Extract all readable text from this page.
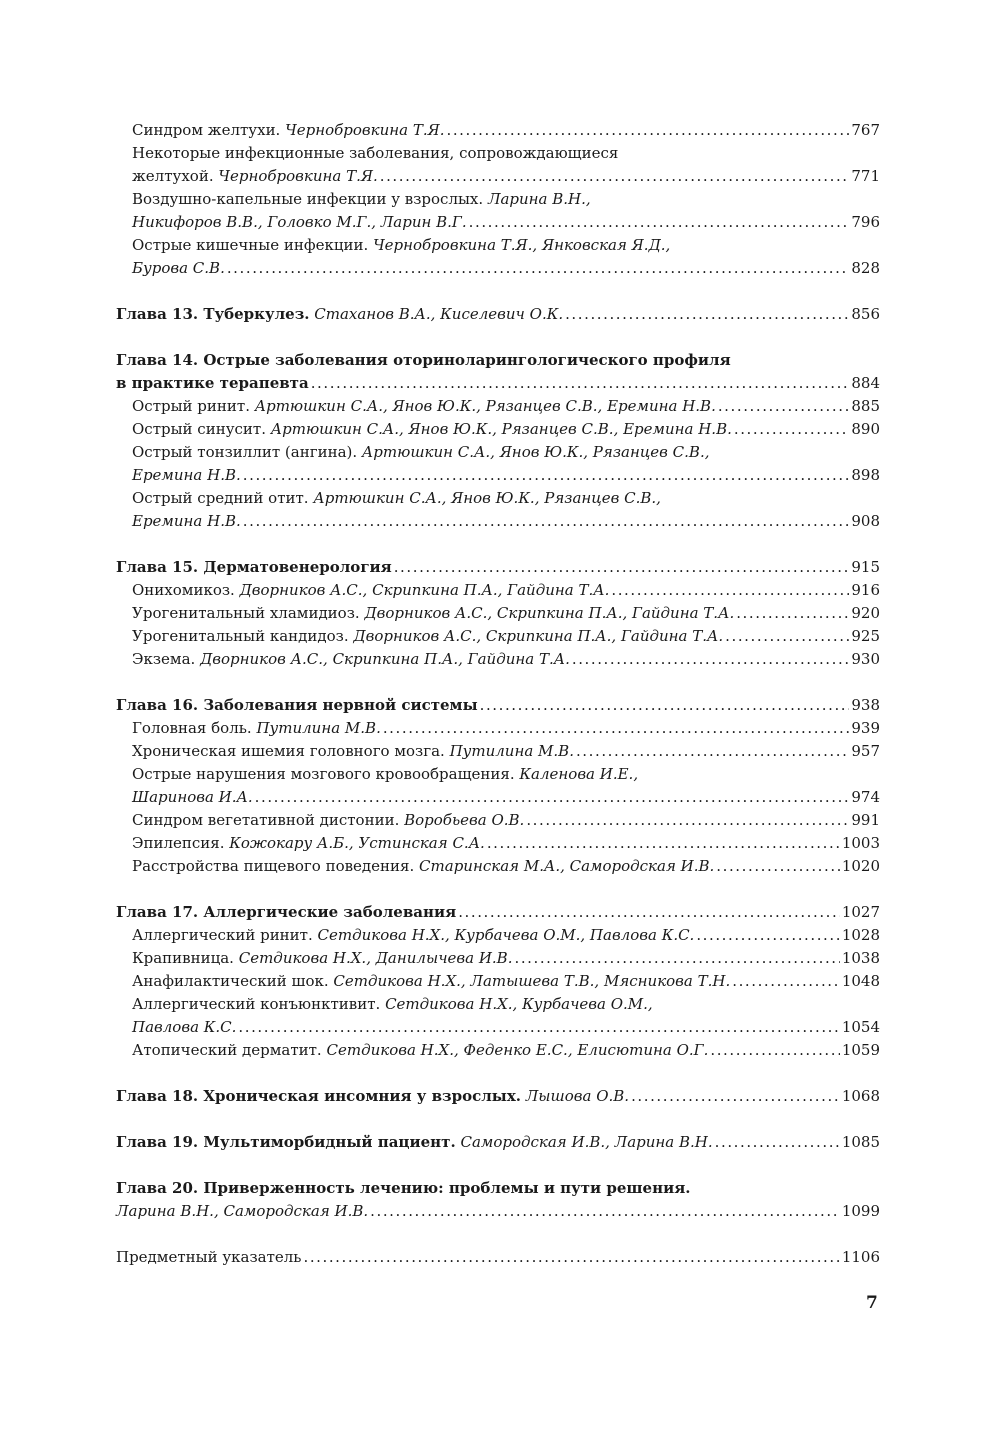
Синдром желтухи. Чернобровкина Т.Я. . . .	767
Некоторые инфекционные заболевания, сопровождающиеся
желтухой. Чернобровкина Т.Я. . . .	771
Воздушно-капельные инфекции у взрослых. Ларина В.Н.,
Никифоров В.В., Головко М.Г., Ларин В.Г. . . .	796
Острые кишечные инфекции. Чернобровкина Т.Я., Янковская Я.Д.,
Бурова С.В. . . .	828
Глава 13. Туберкулез. Стаханов В.А., Киселевич О.К. . . .	856
Глава 14. Острые заболевания оториноларингологического профиля
в практике терапевта . . .	884
Острый ринит. Артюшкин С.А., Янов Ю.К., Рязанцев С.В., Еремина Н.В. . . .	885
Острый синусит. Артюшкин С.А., Янов Ю.К., Рязанцев С.В., Еремина Н.В. . . .	890
Острый тонзиллит (ангина). Артюшкин С.А., Янов Ю.К., Рязанцев С.В.,
Еремина Н.В. . . .	898
Острый средний отит. Артюшкин С.А., Янов Ю.К., Рязанцев С.В.,
Еремина Н.В. . . .	908
Глава 15. Дерматовенерология . . .	915
Онихомикоз. Дворников А.С., Скрипкина П.А., Гайдина Т.А. . . .	916
Урогенитальный хламидиоз. Дворников А.С., Скрипкина П.А., Гайдина Т.А. . . .	920
Урогенитальный кандидоз. Дворников А.С., Скрипкина П.А., Гайдина Т.А. . . .	925
Экзема. Дворников А.С., Скрипкина П.А., Гайдина Т.А. . . .	930
Глава 16. Заболевания нервной системы . . .	938
Головная боль. Путилина М.В. . . .	939
Хроническая ишемия головного мозга. Путилина М.В. . . .	957
Острые нарушения мозгового кровообращения. Каленова И.Е.,
Шаринова И.А. . . .	974
Синдром вегетативной дистонии. Воробьева О.В. . . .	991
Эпилепсия. Кожокару А.Б., Устинская С.А. . . .	1003
Расстройства пищевого поведения. Старинская М.А., Самородская И.В. . . .	1020
Глава 17. Аллергические заболевания . . .	1027
Аллергический ринит. Сетдикова Н.Х., Курбачева О.М., Павлова К.С. . . .	1028
Крапивница. Сетдикова Н.Х., Данилычева И.В. . . .	1038
Анафилактический шок. Сетдикова Н.Х., Латышева Т.В., Мясникова Т.Н. . . .	1048
Аллергический конъюнктивит. Сетдикова Н.Х., Курбачева О.М.,
Павлова К.С. . . .	1054
Атопический дерматит. Сетдикова Н.Х., Феденко Е.С., Елисютина О.Г. . . .	1059
Глава 18. Хроническая инсомния у взрослых. Лышова О.В. . . .	1068
Глава 19. Мультиморбидный пациент. Самородская И.В., Ларина В.Н. . . .	1085
Глава 20. Приверженность лечению: проблемы и пути решения.
Ларина В.Н., Самородская И.В. . . .	1099
Предметный указатель . . .	1106
7
